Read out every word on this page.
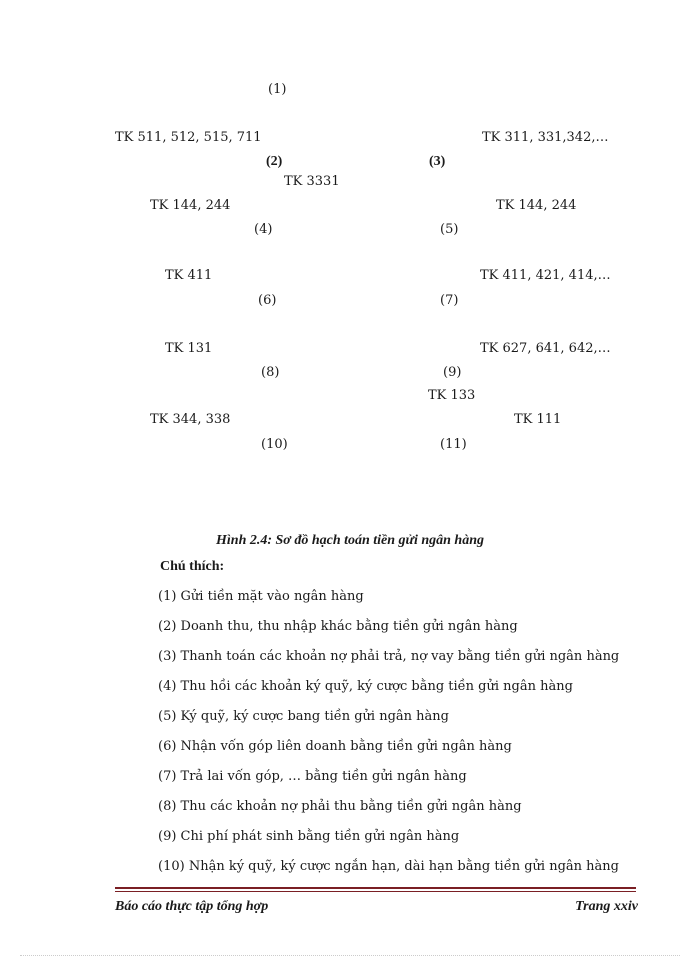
(1)
TK 511, 512, 515, 711	TK 311, 331,342,…
(2)	(3)
TK 3331
TK 144, 244	TK 144, 244
(4)	(5)
TK 411	TK 411, 421, 414,…
(6)	(7)
TK 131	TK 627, 641, 642,…
(8)	(9)
TK 133
TK 344, 338	TK 111
(10)	(11)
Hình 2.4: Sơ đồ hạch toán tiền gửi ngân hàng
Chú thích:
(1) Gửi tiền mặt vào ngân hàng
(2) Doanh thu, thu nhập khác bằng tiền gửi ngân hàng
(3) Thanh toán các khoản nợ phải trả, nợ vay bằng tiền gửi ngân hàng
(4) Thu hồi các khoản ký quỹ, ký cược bằng tiền gửi ngân hàng
(5) Ký quỹ, ký cược bang tiền gửi ngân hàng
(6) Nhận vốn góp liên doanh bằng tiền gửi ngân hàng
(7) Trả lai vốn góp, … bằng tiền gửi ngân hàng
(8) Thu các khoản nợ phải thu bằng tiền gửi ngân hàng
(9) Chi phí phát sinh bằng tiền gửi ngân hàng
(10) Nhận ký quỹ, ký cược ngắn hạn, dài hạn bằng tiền gửi ngân hàng
Báo cáo thực tập tổng hợp	Trang xxiv
